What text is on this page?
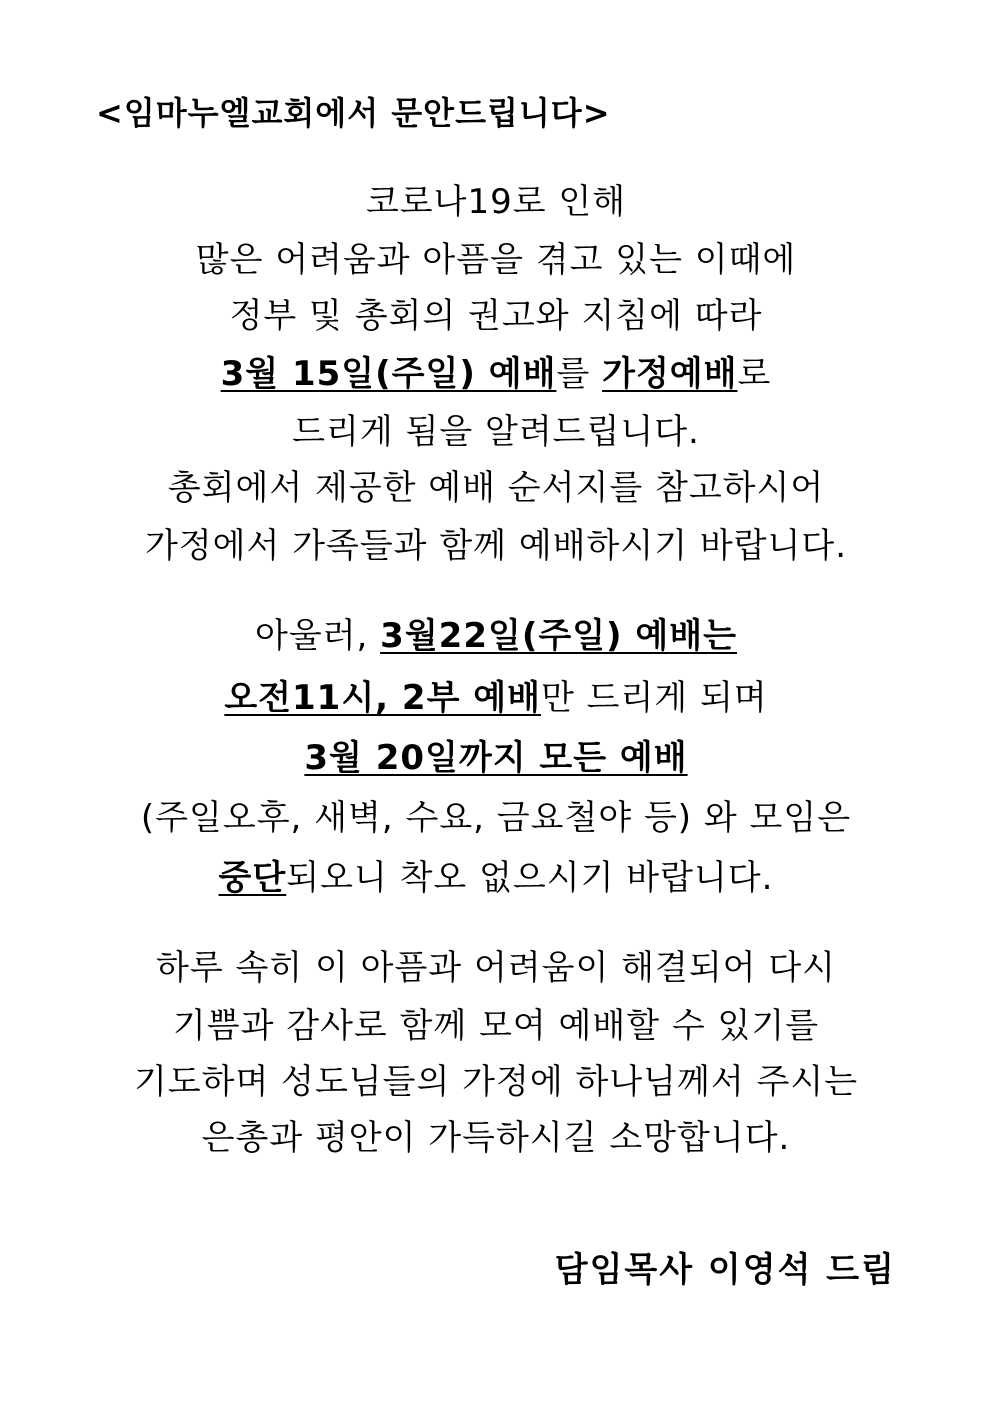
<임마누엘교회에서 문안드립니다>
코로나19로 인해
많은 어려움과 아픔을 겪고 있는 이때에
정부 및 총회의 권고와 지침에 따라
3월 15일(주일) 예배를 가정예배로
드리게 됨을 알려드립니다.
총회에서 제공한 예배 순서지를 참고하시어
가정에서 가족들과 함께 예배하시기 바랍니다.
아울러, 3월22일(주일) 예배는
오전11시, 2부 예배만 드리게 되며
3월 20일까지 모든 예배
(주일오후, 새벽, 수요, 금요철야 등) 와 모임은
중단되오니 착오 없으시기 바랍니다.
하루 속히 이 아픔과 어려움이 해결되어 다시
기쁨과 감사로 함께 모여 예배할 수 있기를
기도하며 성도님들의 가정에 하나님께서 주시는
은총과 평안이 가득하시길 소망합니다.
담임목사 이영석 드림
